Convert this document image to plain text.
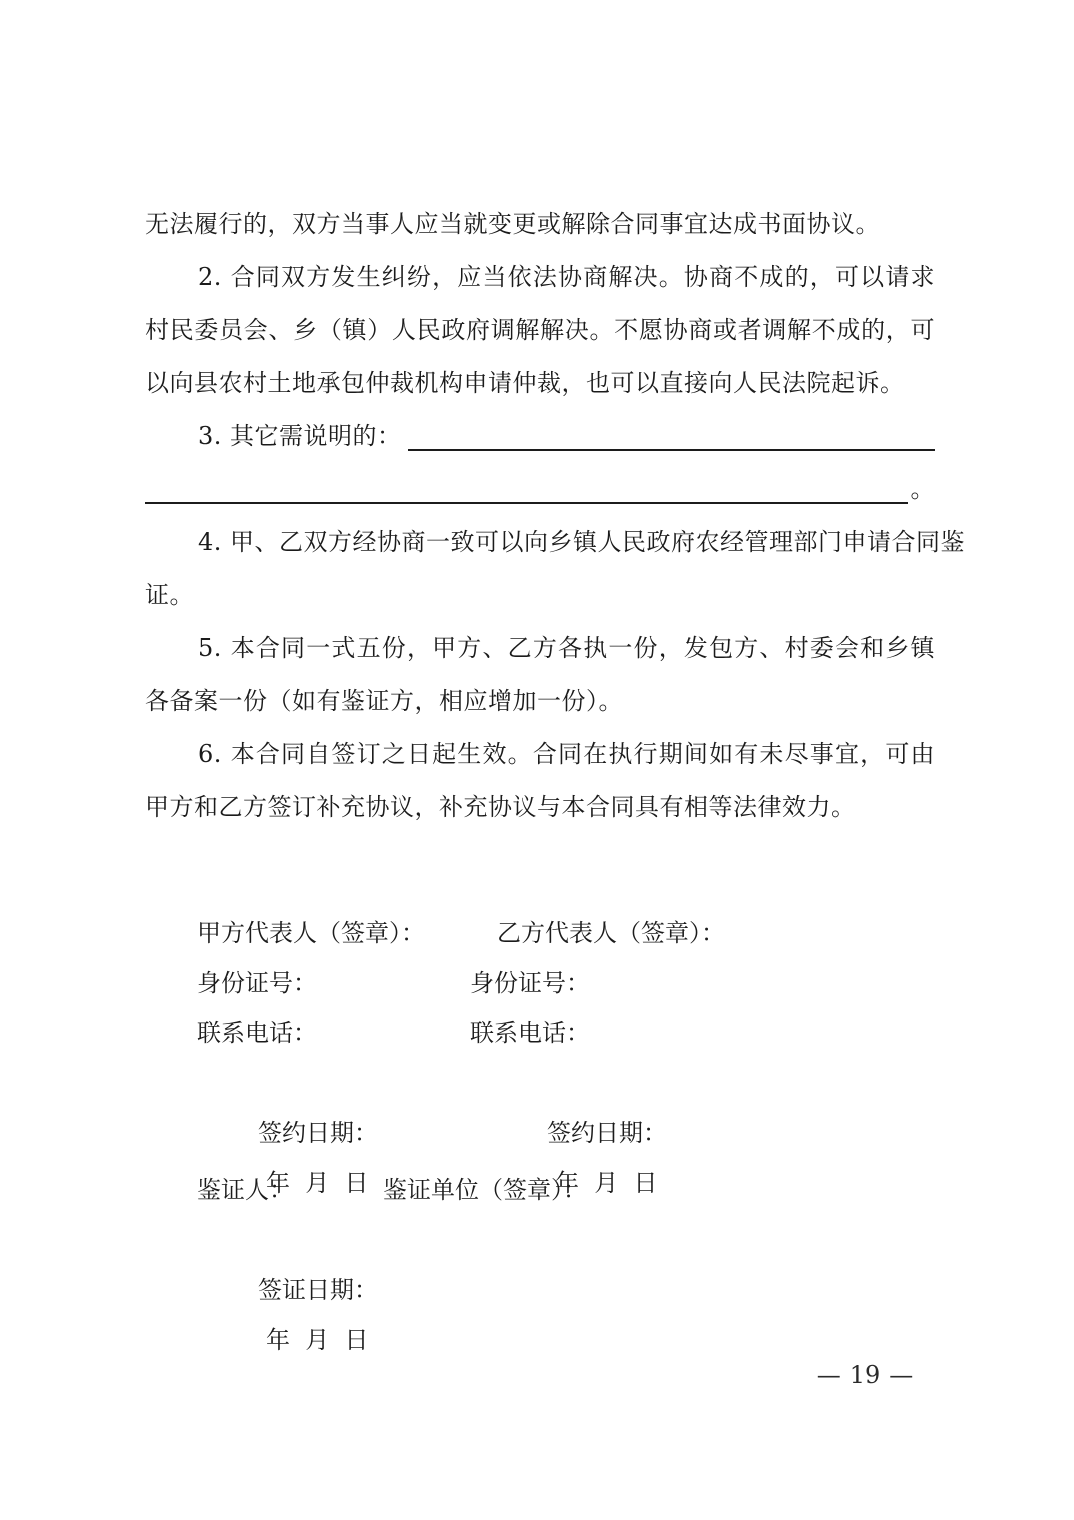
无法履行的，双方当事人应当就变更或解除合同事宜达成书面协议。
2. 合同双方发生纠纷，应当依法协商解决。协商不成的，可以请求
村民委员会、乡（镇）人民政府调解解决。不愿协商或者调解不成的，可
以向县农村土地承包仲裁机构申请仲裁，也可以直接向人民法院起诉。
3. 其它需说明的：
。
4. 甲、乙双方经协商一致可以向乡镇人民政府农经管理部门申请合同鉴
证。
5. 本合同一式五份，甲方、乙方各执一份，发包方、村委会和乡镇
各备案一份（如有鉴证方，相应增加一份）。
6. 本合同自签订之日起生效。合同在执行期间如有未尽事宜，可由
甲方和乙方签订补充协议，补充协议与本合同具有相等法律效力。
甲方代表人（签章）：	乙方代表人（签章）：
身份证号：	身份证号：
联系电话：	联系电话：

签约日期：
年  月  日

签约日期：
年  月  日

鉴证人：	鉴证单位（签章）：

签证日期：
年  月  日

— 19 —
